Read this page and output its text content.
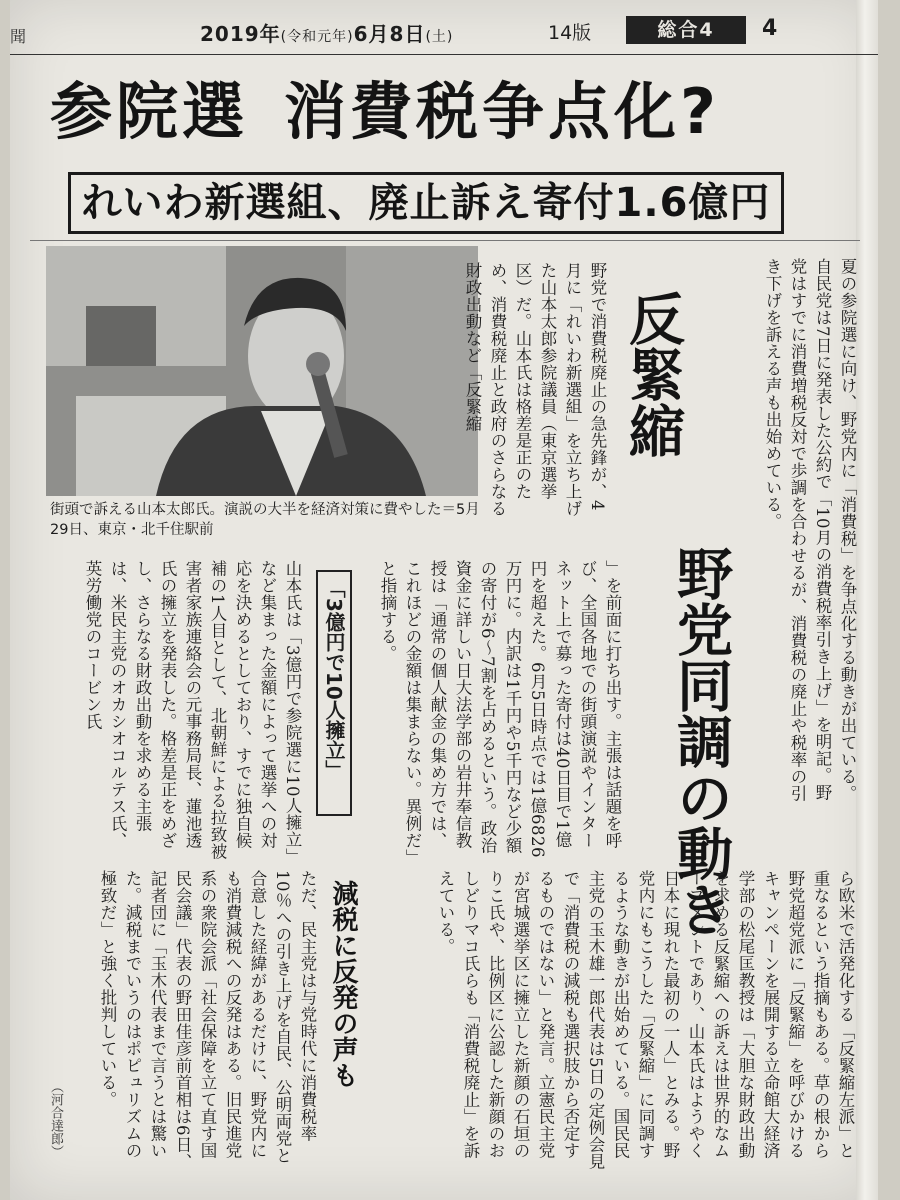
聞	2019年(令和元年)6月8日(土)	14版	総合4	4
参院選 消費税争点化?
れいわ新選組、廃止訴え寄付1.6億円
街頭で訴える山本太郎氏。演説の大半を経済対策に費やした＝5月29日、東京・北千住駅前	夏の参院選に向け、野党内に「消費税」を争点化する動きが出ている。自民党は7日に発表した公約で「10月の消費税率引き上げ」を明記。野党はすでに消費増税反対で歩調を合わせるが、消費税の廃止や税率の引き下げを訴える声も出始めている。
反緊縮
野党同調の動き
野党で消費税廃止の急先鋒が、4月に「れいわ新選組」を立ち上げた山本太郎参院議員（東京選挙区）だ。山本氏は格差是正のため、消費税廃止と政府のさらなる財政出動など「反緊縮
」を前面に打ち出す。主張は話題を呼び、全国各地での街頭演説やインターネット上で募った寄付は40日目で1億円を超えた。6月5日時点では1億6826万円に。内訳は1千円や5千円など少額の寄付が6〜7割を占めるという。政治資金に詳しい日大法学部の岩井奉信教授は「通常の個人献金の集め方では、これほどの金額は集まらない。異例だ」と指摘する。
「3億円で10人擁立」
山本氏は「3億円で参院選に10人擁立」など集まった金額によって選挙への対応を決めるとしており、すでに独自候補の1人目として、北朝鮮による拉致被害者家族連絡会の元事務局長、蓮池透氏の擁立を発表した。格差是正をめざし、さらなる財政出動を求める主張は、米民主党のオカシオコルテス氏、英労働党のコービン氏
ら欧米で活発化する「反緊縮左派」と重なるという指摘もある。草の根から野党超党派に「反緊縮」を呼びかけるキャンペーンを展開する立命館大経済学部の松尾匡教授は「大胆な財政出動を求める反緊縮への訴えは世界的なムーブメントであり、山本氏はようやく日本に現れた最初の一人」とみる。野党内にもこうした「反緊縮」に同調するような動きが出始めている。国民民主党の玉木雄一郎代表は5日の定例会見で「消費税の減税も選択肢から否定するものではない」と発言。立憲民主党が宮城選挙区に擁立した新顔の石垣のりこ氏や、比例区に公認した新顔のおしどりマコ氏らも「消費税廃止」を訴えている。
減税に反発の声も
ただ、民主党は与党時代に消費税率10％への引き上げを自民、公明両党と合意した経緯があるだけに、野党内にも消費減税への反発はある。旧民進党系の衆院会派「社会保障を立て直す国民会議」代表の野田佳彦前首相は6日、記者団に「玉木代表まで言うとは驚いた。減税までいうのはポピュリズムの極致だ」と強く批判している。
（河合達郎）
